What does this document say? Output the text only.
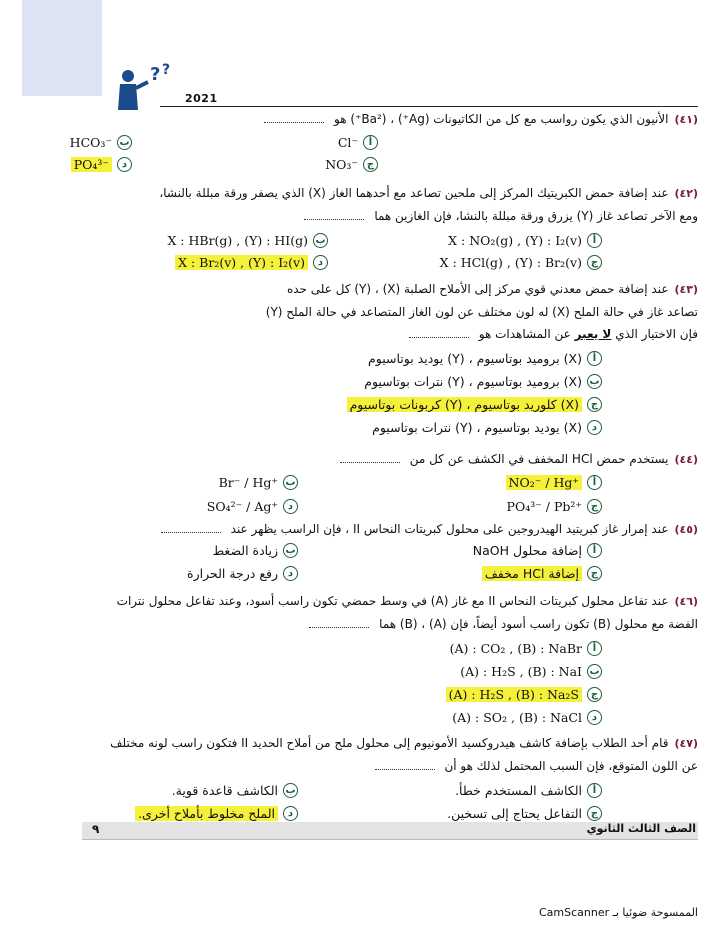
? ?
2021
(٤١)الأنيون الذي يكون رواسب مع كل من الكاتيونات (Ag⁺) ، (Ba²⁺) هو
أ
Cl⁻
ب
HCO₃⁻
ج
NO₃⁻
د
PO₄³⁻
(٤٢)عند إضافة حمض الكبريتيك المركز إلى ملحين تصاعد مع أحدهما الغاز (X) الذي يصفر ورقة مبللة بالنشا،
ومع الآخر تصاعد غاز (Y) يزرق ورقة مبللة بالنشا، فإن الغازين هما
أ
X : NO₂(g) , (Y) : I₂(v)
ب
X : HBr(g) , (Y) : HI(g)
ج
X : HCl(g) , (Y) : Br₂(v)
د
X : Br₂(v) , (Y) : I₂(v)
(٤٣)عند إضافة حمض معدني قوي مركز إلى الأملاح الصلبة (X) ، (Y) كل على حده
تصاعد غاز في حالة الملح (X) له لون مختلف عن لون الغاز المتصاعد في حالة الملح (Y)
فإن الاختيار الذي لا يعبر عن المشاهدات هو
أ
(X) بروميد بوتاسيوم ، (Y) يوديد بوتاسيوم
ب
(X) بروميد بوتاسيوم ، (Y) نترات بوتاسيوم
ج
(X) كلوريد بوتاسيوم ، (Y) كربونات بوتاسيوم
د
(X) يوديد بوتاسيوم ، (Y) نترات بوتاسيوم
(٤٤)يستخدم حمض HCl المخفف في الكشف عن كل من
أ
NO₂⁻ / Hg⁺
ب
Br⁻ / Hg⁺
ج
PO₄³⁻ / Pb²⁺
د
SO₄²⁻ / Ag⁺
(٤٥)عند إمرار غاز كبريتيد الهيدروجين على محلول كبريتات النحاس II ، فإن الراسب يظهر عند
أ
إضافة محلول NaOH
ب
زيادة الضغط
ج
إضافة HCl مخفف
د
رفع درجة الحرارة
(٤٦)عند تفاعل محلول كبريتات النحاس II مع غاز (A) في وسط حمضي تكون راسب أسود، وعند تفاعل محلول نترات
الفضة مع محلول (B) تكون راسب أسود أيضاً، فإن (A) ، (B) هما
أ
(A) : CO₂ , (B) : NaBr
ب
(A) : H₂S , (B) : NaI
ج
(A) : H₂S , (B) : Na₂S
د
(A) : SO₂ , (B) : NaCl
(٤٧)قام أحد الطلاب بإضافة كاشف هيدروكسيد الأمونيوم إلى محلول ملح من أملاح الحديد II فتكون راسب لونه مختلف
عن اللون المتوقع، فإن السبب المحتمل لذلك هو أن
أ
الكاشف المستخدم خطأ.
ب
الكاشف قاعدة قوية.
ج
التفاعل يحتاج إلى تسخين.
د
الملح مخلوط بأملاح أخرى.
٩	الصف الثالث الثانوي
الممسوحة ضوئيا بـ CamScanner
